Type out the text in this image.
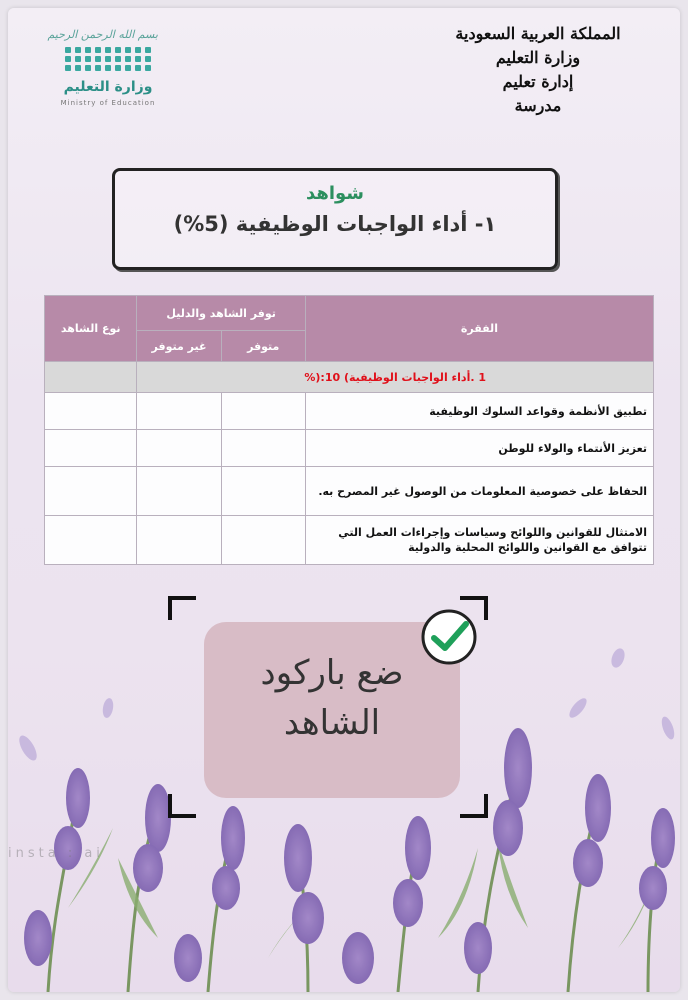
المملكة العربية السعودية
وزارة التعليم
إدارة تعليم
مدرسة
بسم الله الرحمن الرحيم
وزارة التعليم
Ministry of Education
شواهد
١- أداء الواجبات الوظيفية (5%)
الفقرة	توفر الشاهد والدليل		نوع الشاهد
	متوفر	غير متوفر	
1 .أداء الواجبات الوظيفية) 10:(%			
تطبيق الأنظمة وقواعد السلوك الوظيفية			
تعزيز الأنتماء والولاء للوطن			
الحفاظ على خصوصية المعلومات من الوصول غير المصرح به.			
الامتثال للقوانين واللوائح وسياسات وإجراءات العمل التي تتوافق مع القوانين واللوائح المحلية والدولية			
ضع باركود
الشاهد
insta : ai
